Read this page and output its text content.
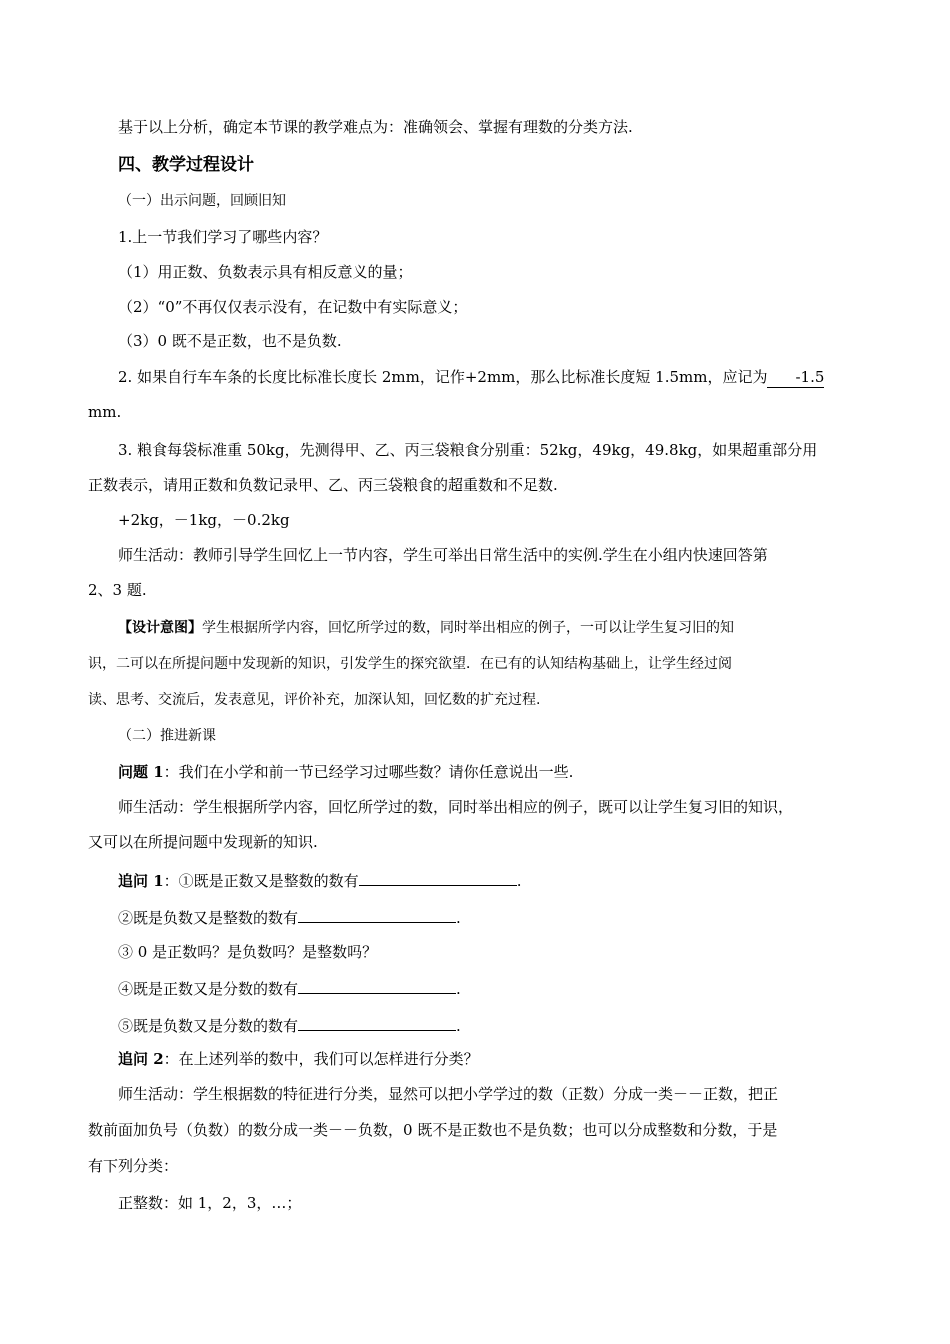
基于以上分析，确定本节课的教学难点为：准确领会、掌握有理数的分类方法.
四、教学过程设计
（一）出示问题，回顾旧知
1.上一节我们学习了哪些内容？
（1）用正数、负数表示具有相反意义的量；
（2）“0”不再仅仅表示没有，在记数中有实际意义；
（3）0 既不是正数，也不是负数.
2. 如果自行车车条的长度比标准长度长 2mm，记作+2mm，那么比标准长度短 1.5mm，应记为 -1.5
mm.
3. 粮食每袋标准重 50kg，先测得甲、乙、丙三袋粮食分别重：52kg，49kg，49.8kg，如果超重部分用
正数表示，请用正数和负数记录甲、乙、丙三袋粮食的超重数和不足数.
+2kg，－1kg，－0.2kg
师生活动：教师引导学生回忆上一节内容，学生可举出日常生活中的实例.学生在小组内快速回答第
2、3 题.
【设计意图】学生根据所学内容，回忆所学过的数，同时举出相应的例子，一可以让学生复习旧的知
识，二可以在所提问题中发现新的知识，引发学生的探究欲望．在已有的认知结构基础上，让学生经过阅
读、思考、交流后，发表意见，评价补充，加深认知，回忆数的扩充过程.
（二）推进新课
问题 1：我们在小学和前一节已经学习过哪些数？请你任意说出一些.
师生活动：学生根据所学内容，回忆所学过的数，同时举出相应的例子，既可以让学生复习旧的知识，
又可以在所提问题中发现新的知识.
追问 1：①既是正数又是整数的数有	.
②既是负数又是整数的数有	.
③ 0 是正数吗？是负数吗？是整数吗？
④既是正数又是分数的数有	.
⑤既是负数又是分数的数有	.
追问 2：在上述列举的数中，我们可以怎样进行分类？
师生活动：学生根据数的特征进行分类，显然可以把小学学过的数（正数）分成一类－－正数，把正
数前面加负号（负数）的数分成一类－－负数，0 既不是正数也不是负数；也可以分成整数和分数，于是
有下列分类：
正整数：如 1，2，3，…；
